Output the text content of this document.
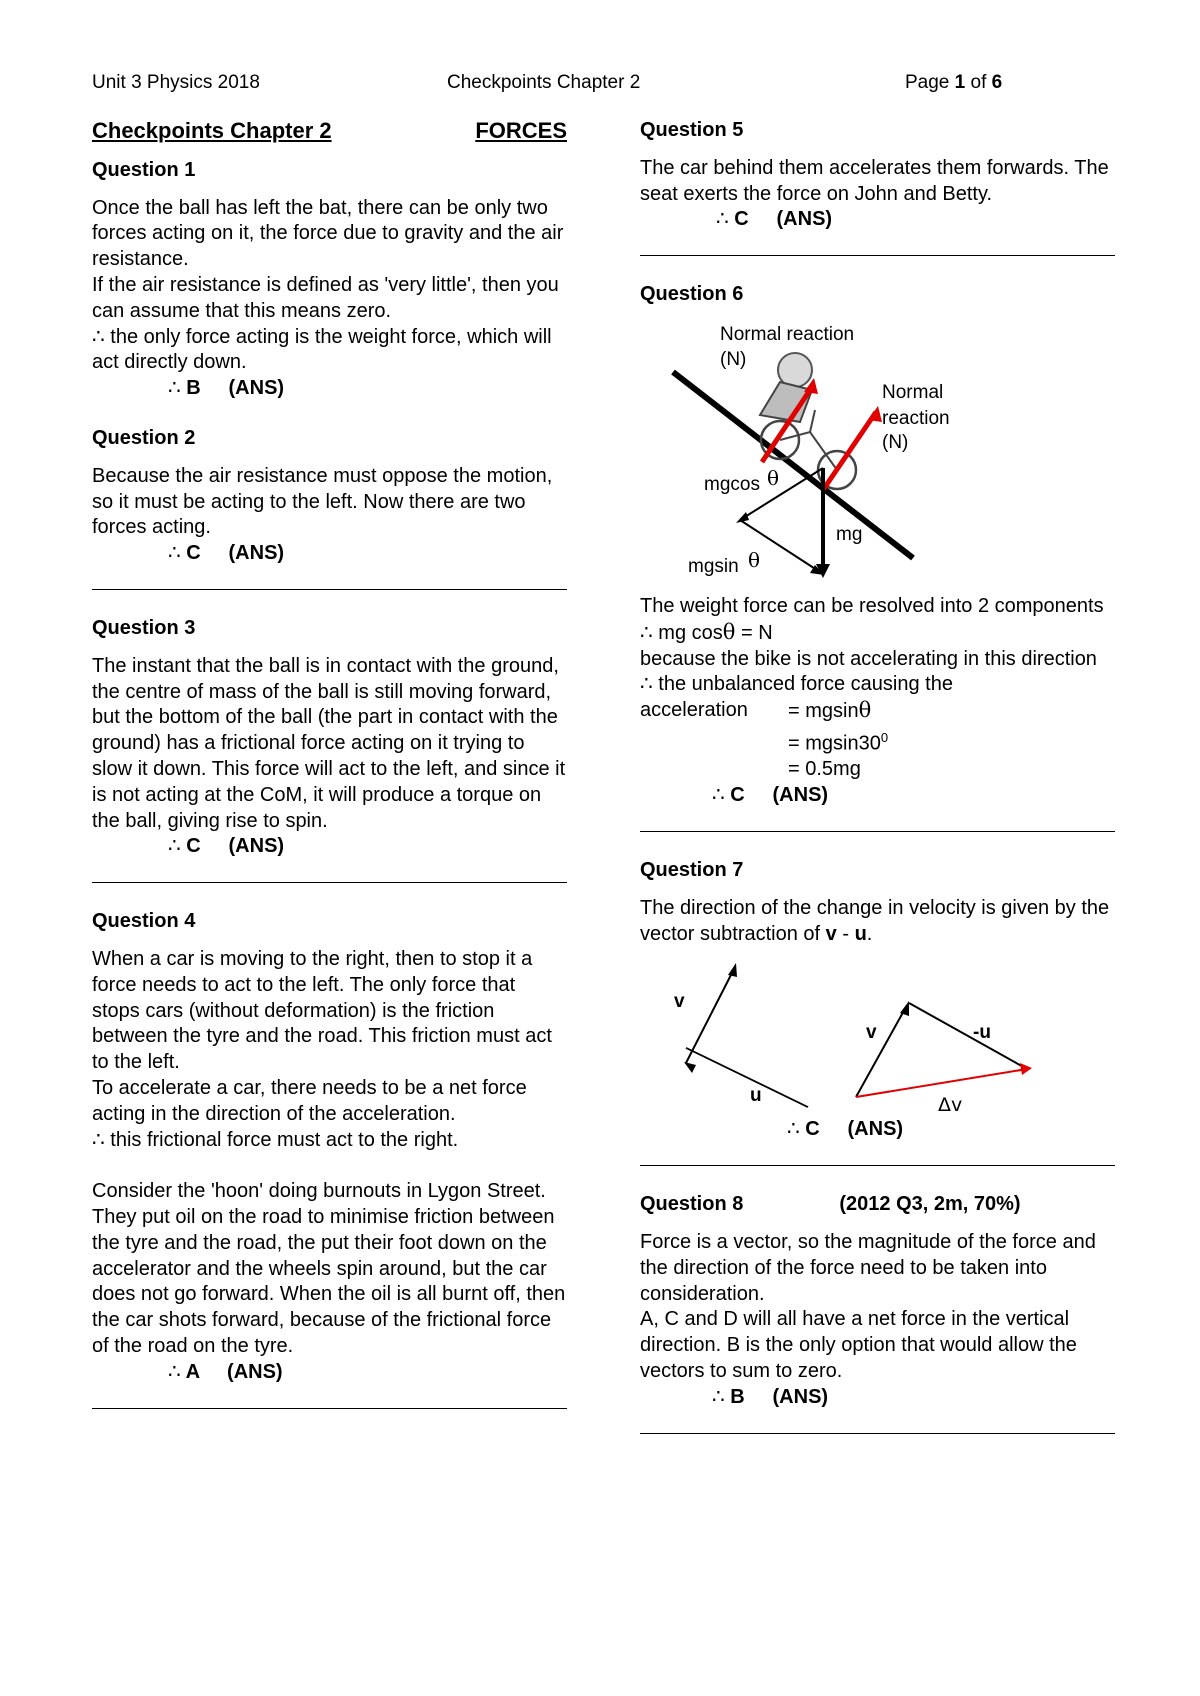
Unit 3 Physics 2018	Checkpoints Chapter 2	Page 1 of 6
Checkpoints Chapter 2	FORCES

Question 1

Once the ball has left the bat, there can be only two forces acting on it, the force due to gravity and the air resistance.

If the air resistance is defined as 'very little', then you can assume that this means zero.

∴ the only force acting is the weight force, which will act directly down.

∴ B     (ANS)

Question 2

Because the air resistance must oppose the motion, so it must be acting to the left. Now there are two forces acting.

∴ C     (ANS)

Question 3

The instant that the ball is in contact with the ground, the centre of mass of the ball is still moving forward, but the bottom of the ball (the part in contact with the ground) has a frictional force acting on it trying to slow it down. This force will act to the left, and since it is not acting at the CoM, it will produce a torque on the ball, giving rise to spin.

∴ C     (ANS)

Question 4

When a car is moving to the right, then to stop it a force needs to act to the left. The only force that stops cars (without deformation) is the friction between the tyre and the road. This friction must act to the left.

To accelerate a car, there needs to be a net force acting in the direction of the acceleration.

∴ this frictional force must act to the right.

Consider the 'hoon' doing burnouts in Lygon Street. They put oil on the road to minimise friction between the tyre and the road, the put their foot down on the accelerator and the wheels spin around, but the car does not go forward. When the oil is all burnt off, then the car shots forward, because of the frictional force of the road on the tyre.

∴ A     (ANS)

Question 5

The car behind them accelerates them forwards. The seat exerts the force on John and Betty.

∴ C     (ANS)

Question 6

Normal reaction
(N)
Normal
reaction
(N)
mgcos θ
mgsin θ
mg

The weight force can be resolved into 2 components

∴ mg cosθ = N

because the bike is not accelerating in this direction

∴ the unbalanced force causing the

acceleration	= mgsinθ
= $mgsin30^0$
= 0.5mg

∴ C     (ANS)

Question 7

The direction of the change in velocity is given by the vector subtraction of v - u.

v
u
v	-u
Δv

∴ C     (ANS)

Question 8	(2012 Q3, 2m, 70%)

Force is a vector, so the magnitude of the force and the direction of the force need to be taken into consideration.

A, C and D will all have a net force in the vertical direction. B is the only option that would allow the vectors to sum to zero.

∴ B     (ANS)
